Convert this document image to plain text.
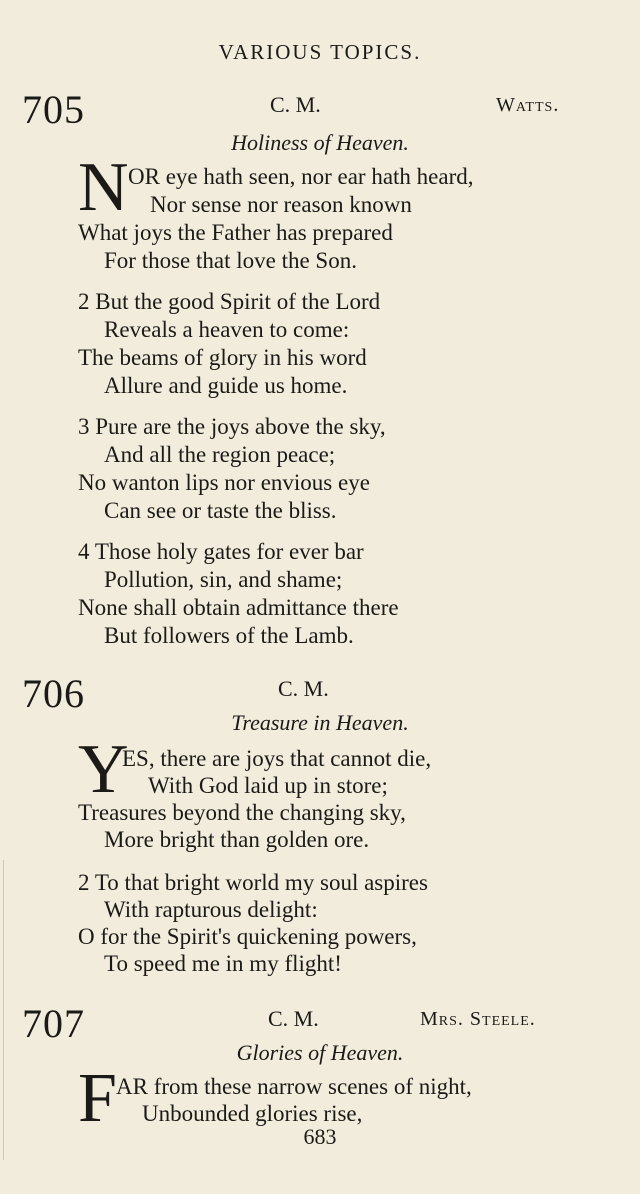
VARIOUS TOPICS.
705	C. M.	Watts.
Holiness of Heaven.
N OR eye hath seen, nor ear hath heard,
Nor sense nor reason known
What joys the Father has prepared
For those that love the Son.
2 But the good Spirit of the Lord
Reveals a heaven to come:
The beams of glory in his word
Allure and guide us home.
3 Pure are the joys above the sky,
And all the region peace;
No wanton lips nor envious eye
Can see or taste the bliss.
4 Those holy gates for ever bar
Pollution, sin, and shame;
None shall obtain admittance there
But followers of the Lamb.
706	C. M.
Treasure in Heaven.
Y
ES, there are joys that cannot die,
With God laid up in store;
Treasures beyond the changing sky,
More bright than golden ore.
2 To that bright world my soul aspires
With rapturous delight:
O for the Spirit's quickening powers,
To speed me in my flight!
707	C. M.	Mrs. Steele.
Glories of Heaven.
F AR from these narrow scenes of night,
Unbounded glories rise,
683
